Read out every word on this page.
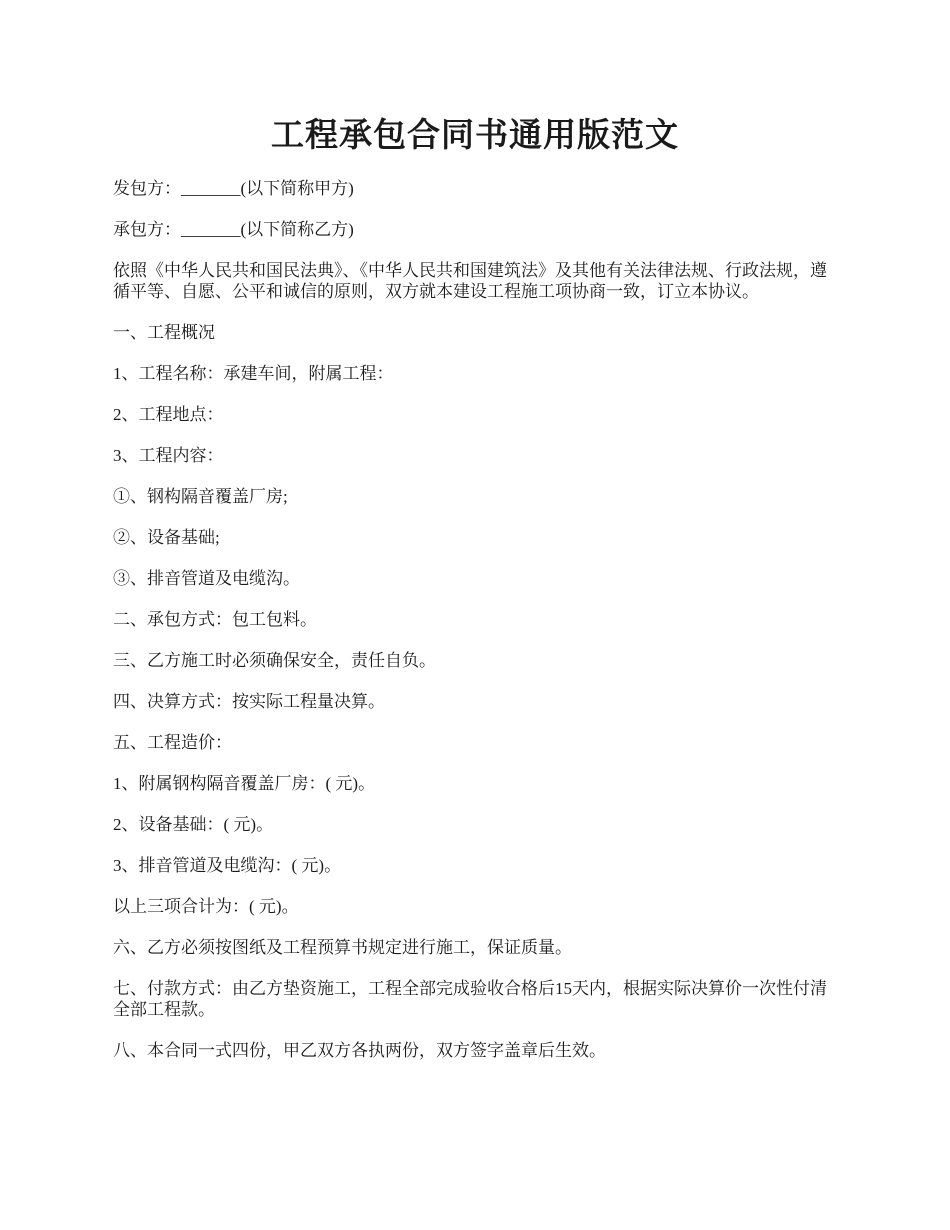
工程承包合同书通用版范文

发包方：_______(以下简称甲方)

承包方：_______(以下简称乙方)

依照《中华人民共和国民法典》、《中华人民共和国建筑法》及其他有关法律法规、行政法规，遵循平等、自愿、公平和诚信的原则，双方就本建设工程施工项协商一致，订立本协议。

一、工程概况

1、工程名称：承建车间，附属工程：

2、工程地点：

3、工程内容：

①、钢构隔音覆盖厂房;

②、设备基础;

③、排音管道及电缆沟。

二、承包方式：包工包料。

三、乙方施工时必须确保安全，责任自负。

四、决算方式：按实际工程量决算。

五、工程造价：

1、附属钢构隔音覆盖厂房：( 元)。

2、设备基础：( 元)。

3、排音管道及电缆沟：( 元)。

以上三项合计为：( 元)。

六、乙方必须按图纸及工程预算书规定进行施工，保证质量。

七、付款方式：由乙方垫资施工，工程全部完成验收合格后15天内，根据实际决算价一次性付清全部工程款。

八、本合同一式四份，甲乙双方各执两份，双方签字盖章后生效。
